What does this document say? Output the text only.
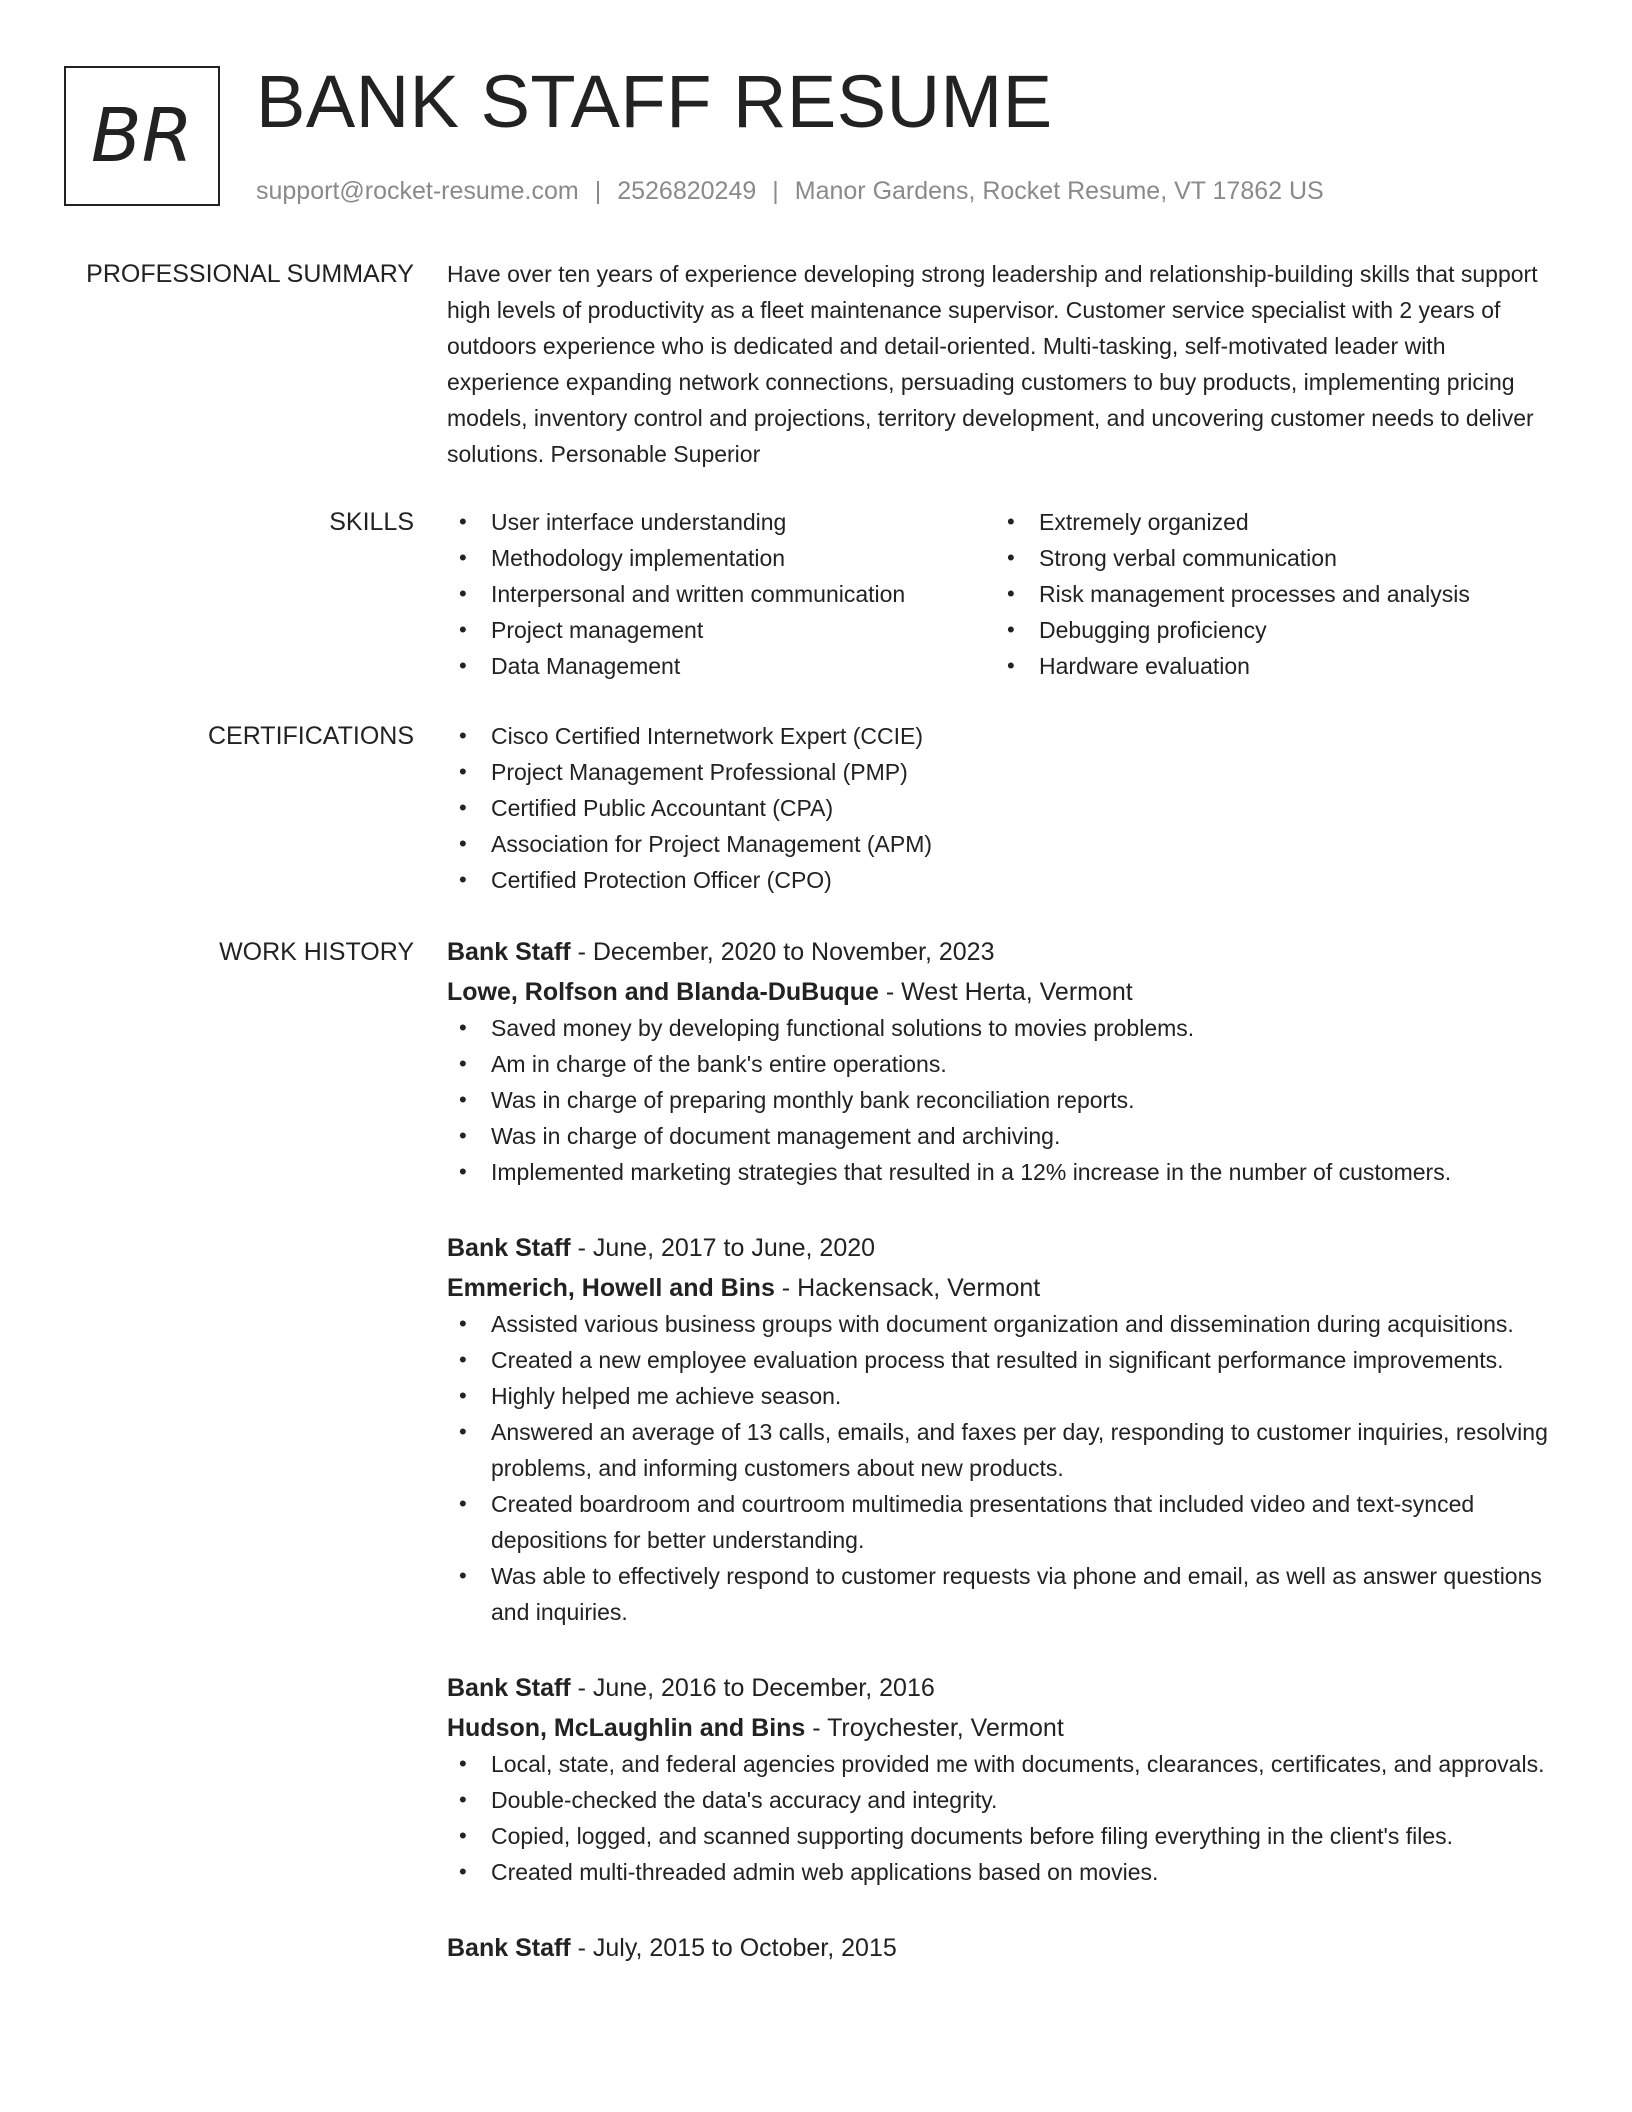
BR BANK STAFF RESUME
support@rocket-resume.com | 2526820249 | Manor Gardens, Rocket Resume, VT 17862 US
PROFESSIONAL SUMMARY Have over ten years of experience developing strong leadership and relationship-building skills that support high levels of productivity as a fleet maintenance supervisor. Customer service specialist with 2 years of outdoors experience who is dedicated and detail-oriented. Multi-tasking, self-motivated leader with experience expanding network connections, persuading customers to buy products, implementing pricing models, inventory control and projections, territory development, and uncovering customer needs to deliver solutions. Personable Superior

SKILLS	• User interface understanding
• Methodology implementation
• Interpersonal and written communication
• Project management
• Data Management
• Extremely organized
• Strong verbal communication
• Risk management processes and analysis
• Debugging proficiency
• Hardware evaluation
CERTIFICATIONS	• Cisco Certified Internetwork Expert (CCIE)
• Project Management Professional (PMP)
• Certified Public Accountant (CPA)
• Association for Project Management (APM)
• Certified Protection Officer (CPO)
WORK HISTORY Bank Staff - December, 2020 to November, 2023
Lowe, Rolfson and Blanda-DuBuque - West Herta, Vermont
• Saved money by developing functional solutions to movies problems.
• Am in charge of the bank's entire operations.
• Was in charge of preparing monthly bank reconciliation reports.
• Was in charge of document management and archiving.
• Implemented marketing strategies that resulted in a 12% increase in the number of customers.
Bank Staff - June, 2017 to June, 2020
Emmerich, Howell and Bins - Hackensack, Vermont
• Assisted various business groups with document organization and dissemination during acquisitions.
• Created a new employee evaluation process that resulted in significant performance improvements.
• Highly helped me achieve season.
• Answered an average of 13 calls, emails, and faxes per day, responding to customer inquiries, resolving problems, and informing customers about new products.
• Created boardroom and courtroom multimedia presentations that included video and text-synced depositions for better understanding.
• Was able to effectively respond to customer requests via phone and email, as well as answer questions and inquiries.
Bank Staff - June, 2016 to December, 2016
Hudson, McLaughlin and Bins - Troychester, Vermont
• Local, state, and federal agencies provided me with documents, clearances, certificates, and approvals.
• Double-checked the data's accuracy and integrity.
• Copied, logged, and scanned supporting documents before filing everything in the client's files.
• Created multi-threaded admin web applications based on movies.
Bank Staff - July, 2015 to October, 2015
